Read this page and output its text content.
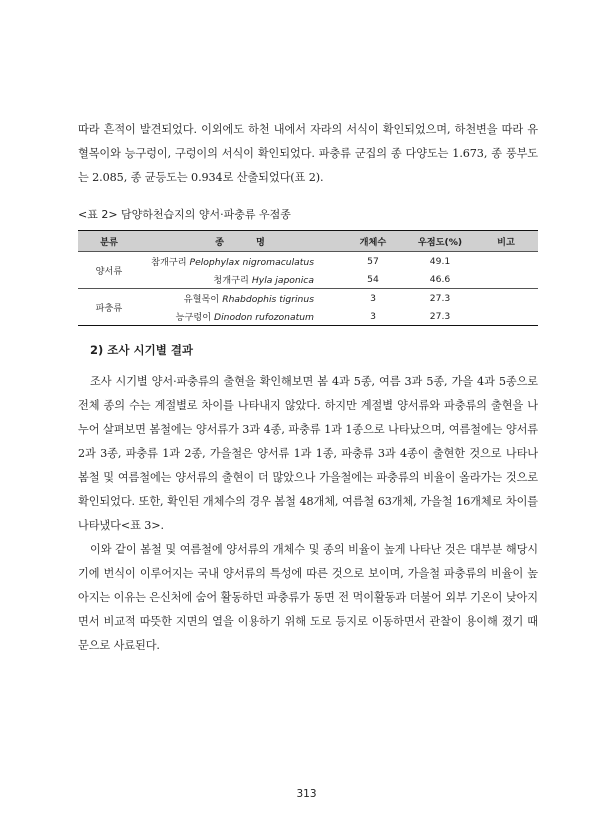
따라 흔적이 발견되었다. 이외에도 하천 내에서 자라의 서식이 확인되었으며, 하천변을 따라 유혈목이와 능구렁이, 구렁이의 서식이 확인되었다. 파충류 군집의 종 다양도는 1.673, 종 풍부도는 2.085, 종 균등도는 0.934로 산출되었다(표 2).
<표 2> 담양하천습지의 양서·파충류 우점종
분류	종          명	개체수	우점도(%)	비고
양서류	참개구리 Pelophylax nigromaculatus	57	49.1	
	청개구리 Hyla japonica	54	46.6	
파충류	유혈목이 Rhabdophis tigrinus	3	27.3	
	능구렁이 Dinodon rufozonatum	3	27.3	
2) 조사 시기별 결과
조사 시기별 양서·파충류의 출현을 확인해보면 봄 4과 5종, 여름 3과 5종, 가을 4과 5종으로 전체 종의 수는 계절별로 차이를 나타내지 않았다. 하지만 계절별 양서류와 파충류의 출현을 나누어 살펴보면 봄철에는 양서류가 3과 4종, 파충류 1과 1종으로 나타났으며, 여름철에는 양서류 2과 3종, 파충류 1과 2종, 가을철은 양서류 1과 1종, 파충류 3과 4종이 출현한 것으로 나타나 봄철 및 여름철에는 양서류의 출현이 더 많았으나 가을철에는 파충류의 비율이 올라가는 것으로 확인되었다. 또한, 확인된 개체수의 경우 봄철 48개체, 여름철 63개체, 가을철 16개체로 차이를 나타냈다<표 3>.
이와 같이 봄철 및 여름철에 양서류의 개체수 및 종의 비율이 높게 나타난 것은 대부분 해당시기에 번식이 이루어지는 국내 양서류의 특성에 따른 것으로 보이며, 가을철 파충류의 비율이 높아지는 이유는 은신처에 숨어 활동하던 파충류가 동면 전 먹이활동과 더불어 외부 기온이 낮아지면서 비교적 따뜻한 지면의 열을 이용하기 위해 도로 등지로 이동하면서 관찰이 용이해 졌기 때문으로 사료된다.
313
